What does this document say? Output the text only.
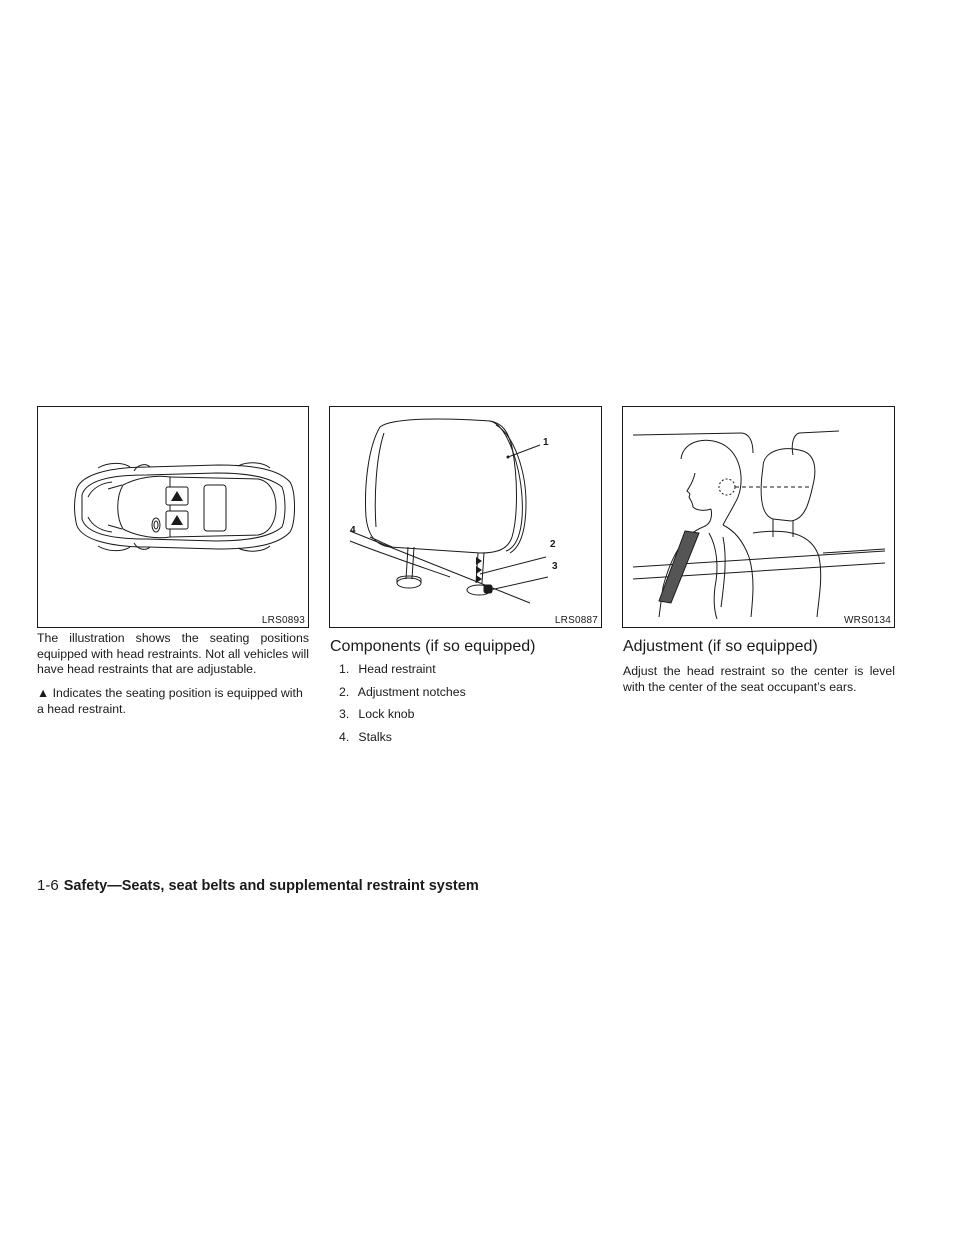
LRS0893
1
2
3
4
LRS0887	WRS0134

The illustration shows the seating positions equipped with head restraints. Not all vehicles will have head restraints that are adjustable.

▲ Indicates the seating position is equipped with a head restraint.

Components (if so equipped)
1. Head restraint
2. Adjustment notches
3. Lock knob
4. Stalks
Adjustment (if so equipped)

Adjust the head restraint so the center is level with the center of the seat occupant’s ears.

1-6 Safety—Seats, seat belts and supplemental restraint system
